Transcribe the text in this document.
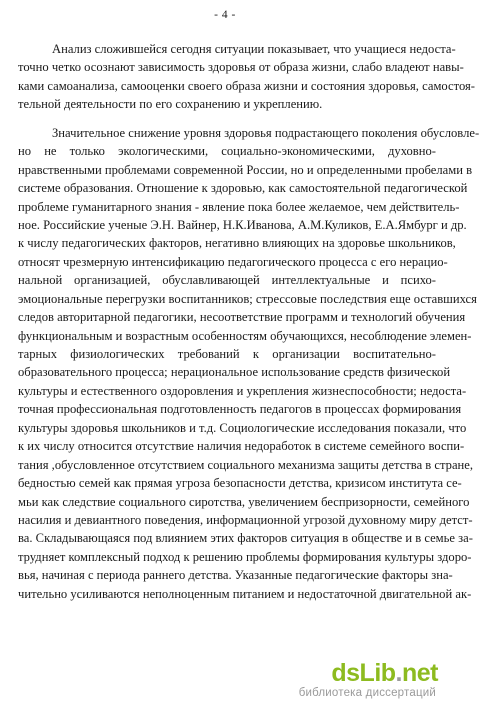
- 4 -
Анализ сложившейся сегодня ситуации показывает, что учащиеся недоста-
точно четко осознают зависимость здоровья от образа жизни, слабо владеют навы-
ками самоанализа, самооценки своего образа жизни и состояния здоровья, самостоя-
тельной деятельности по его сохранению и укреплению.
Значительное снижение уровня здоровья подрастающего поколения обусловле-
но не только экологическими, социально-экономическими, духовно-
нравственными проблемами современной России, но и определенными пробелами в
системе образования. Отношение к здоровью, как самостоятельной педагогической
проблеме гуманитарного знания - явление пока более желаемое, чем действитель-
ное. Российские ученые Э.Н. Вайнер, Н.К.Иванова, А.М.Куликов, Е.А.Ямбург и др.
к числу педагогических факторов, негативно влияющих на здоровье школьников,
относят чрезмерную интенсификацию педагогического процесса с его нерацио-
нальной организацией, обуславливающей интеллектуальные и психо-
эмоциональные перегрузки воспитанников; стрессовые последствия еще оставшихся
следов авторитарной педагогики, несоответствие программ и технологий обучения
функциональным и возрастным особенностям обучающихся, несоблюдение элемен-
тарных физиологических требований к организации воспитательно-
образовательного процесса; нерациональное использование средств физической
культуры и естественного оздоровления и укрепления жизнеспособности; недоста-
точная профессиональная подготовленность педагогов в процессах формирования
культуры здоровья школьников и т.д. Социологические исследования показали, что
к их числу относится отсутствие наличия недоработок в системе семейного воспи-
тания ,обусловленное отсутствием социального механизма защиты детства в стране,
бедностью семей как прямая угроза безопасности детства, кризисом института се-
мьи как следствие социального сиротства, увеличением беспризорности, семейного
насилия и девиантного поведения, информационной угрозой духовному миру детст-
ва. Складывающаяся под влиянием этих факторов ситуация в обществе и в семье за-
трудняет комплексный подход к решению проблемы формирования культуры здоро-
вья, начиная с периода раннего детства. Указанные педагогические факторы зна-
чительно усиливаются неполноценным питанием и недостаточной двигательной ак-
dsLib.net
библиотека диссертаций
